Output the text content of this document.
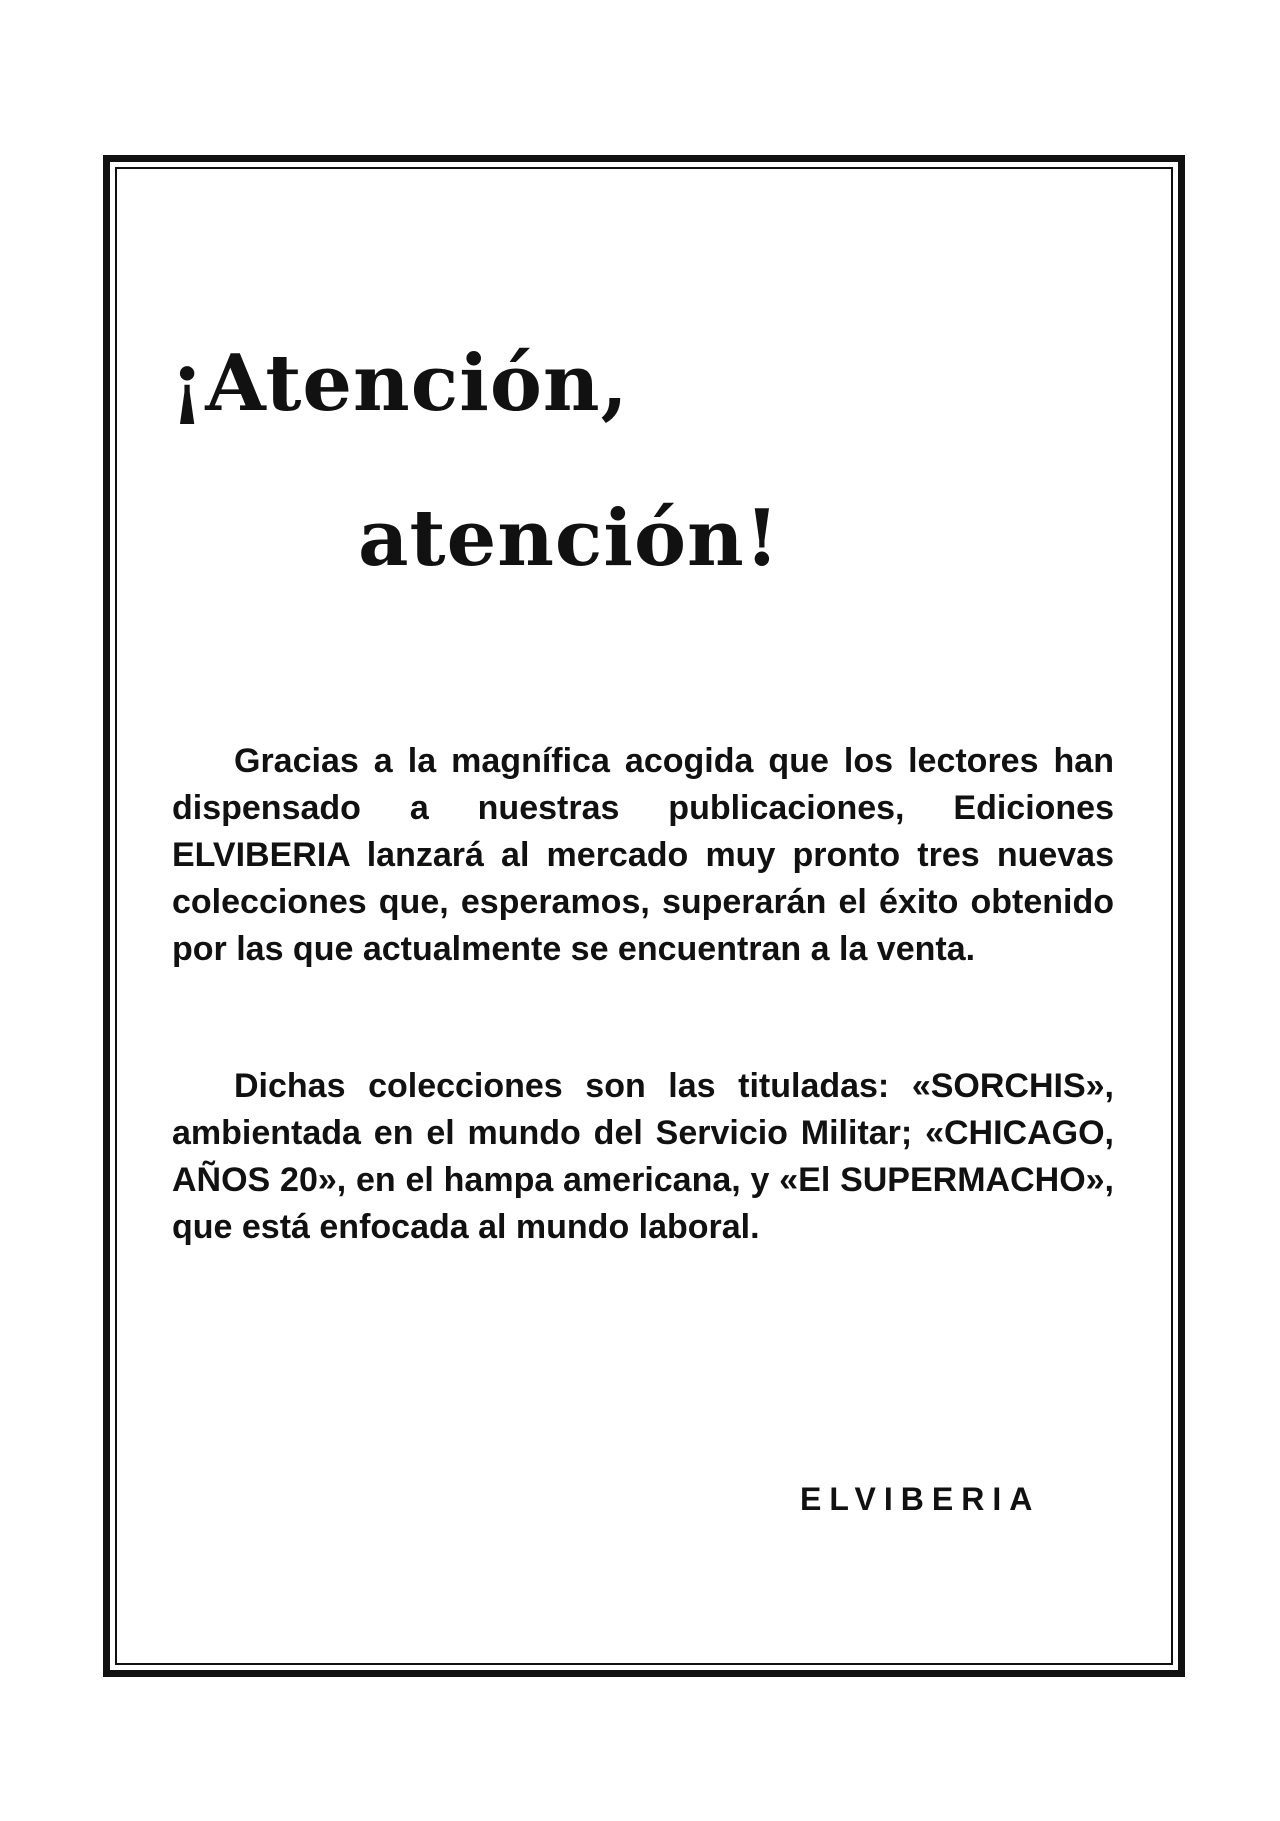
¡Atención,
atención!

Gracias a la magnífica acogida que los lectores han dispensado a nuestras publicaciones, Ediciones ELVIBERIA lanzará al mercado muy pronto tres nuevas colecciones que, esperamos, superarán el éxito obtenido por las que actualmente se encuentran a la venta.

Dichas colecciones son las tituladas: «SORCHIS», ambientada en el mundo del Servicio Militar; «CHICAGO, AÑOS 20», en el hampa americana, y «El SUPERMACHO», que está enfocada al mundo laboral.

ELVIBERIA
